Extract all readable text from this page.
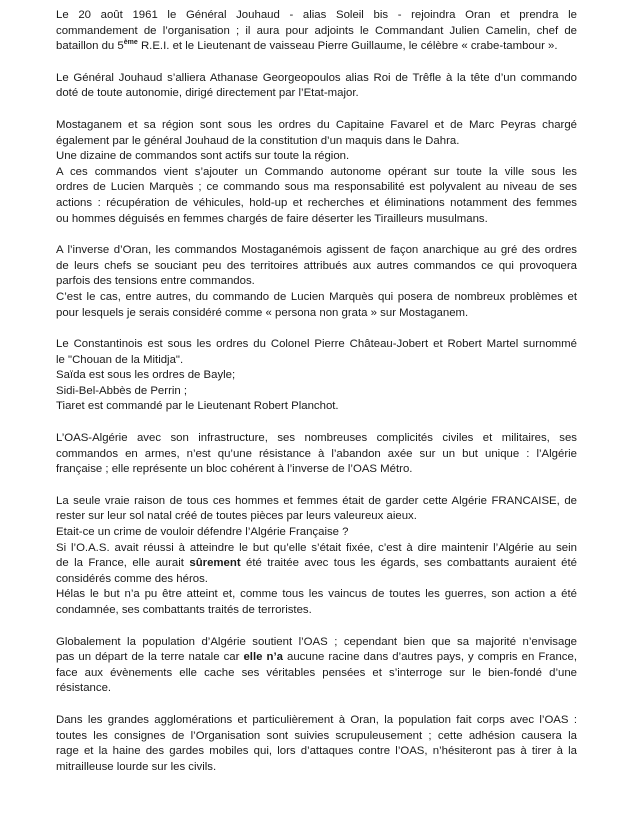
Le 20 août 1961 le Général Jouhaud - alias Soleil bis - rejoindra Oran et prendra le
commandement de l’organisation ; il aura pour adjoints le Commandant Julien Camelin, chef de
bataillon du 5ème R.E.I. et le Lieutenant de vaisseau Pierre Guillaume, le célèbre « crabe-tambour ».

Le Général Jouhaud s’alliera Athanase Georgeopoulos alias Roi de Trêfle à la tête d’un commando
doté de toute autonomie, dirigé directement par l’Etat-major.

Mostaganem et sa région sont sous les ordres du Capitaine Favarel et de Marc Peyras chargé
également par le général Jouhaud de la constitution d’un maquis dans le Dahra.
Une dizaine de commandos sont actifs sur toute la région.
A ces commandos vient s’ajouter un Commando autonome opérant sur toute la ville sous les
ordres de Lucien Marquès ; ce commando sous ma responsabilité est polyvalent au niveau de ses
actions : récupération de véhicules, hold-up et recherches et éliminations notamment des femmes
ou hommes déguisés en femmes chargés de faire déserter les Tirailleurs musulmans.

A l’inverse d’Oran, les commandos Mostaganémois agissent de façon anarchique au gré des ordres
de leurs chefs se souciant peu des territoires attribués aux autres commandos ce qui provoquera
parfois des tensions entre commandos.
C’est le cas, entre autres, du commando de Lucien Marquès qui posera de nombreux problèmes et
pour lesquels je serais considéré comme « persona non grata » sur Mostaganem.

Le Constantinois est sous les ordres du Colonel Pierre Château-Jobert et Robert Martel surnommé
le "Chouan de la Mitidja".
Saïda est sous les ordres de Bayle;
Sidi-Bel-Abbès de Perrin ;
Tiaret est commandé par le Lieutenant Robert Planchot.

L’OAS-Algérie avec son infrastructure, ses nombreuses complicités civiles et militaires, ses
commandos en armes, n’est qu’une résistance à l’abandon axée sur un but unique : l’Algérie
française ; elle représente un bloc cohérent à l’inverse de l’OAS Métro.

La seule vraie raison de tous ces hommes et femmes était de garder cette Algérie FRANCAISE, de
rester sur leur sol natal créé de toutes pièces par leurs valeureux aieux.
Etait-ce un crime de vouloir défendre l’Algérie Française ?
Si l’O.A.S. avait réussi à atteindre le but qu’elle s’était fixée, c’est à dire maintenir l’Algérie au sein
de la France, elle aurait sûrement été traitée avec tous les égards, ses combattants auraient été
considérés comme des héros.
Hélas le but n’a pu être atteint et, comme tous les vaincus de toutes les guerres, son action a été
condamnée, ses combattants traités de terroristes.

Globalement la population d’Algérie soutient l’OAS ; cependant bien que sa majorité n’envisage
pas un départ de la terre natale car elle n’a aucune racine dans d’autres pays, y compris en France,
face aux évènements elle cache ses véritables pensées et s’interroge sur le bien-fondé d’une
résistance.

Dans les grandes agglomérations et particulièrement à Oran, la population fait corps avec l’OAS :
toutes les consignes de l’Organisation sont suivies scrupuleusement ; cette adhésion causera la
rage et la haine des gardes mobiles qui, lors d’attaques contre l’OAS, n’hésiteront pas à tirer à la
mitrailleuse lourde sur les civils.
